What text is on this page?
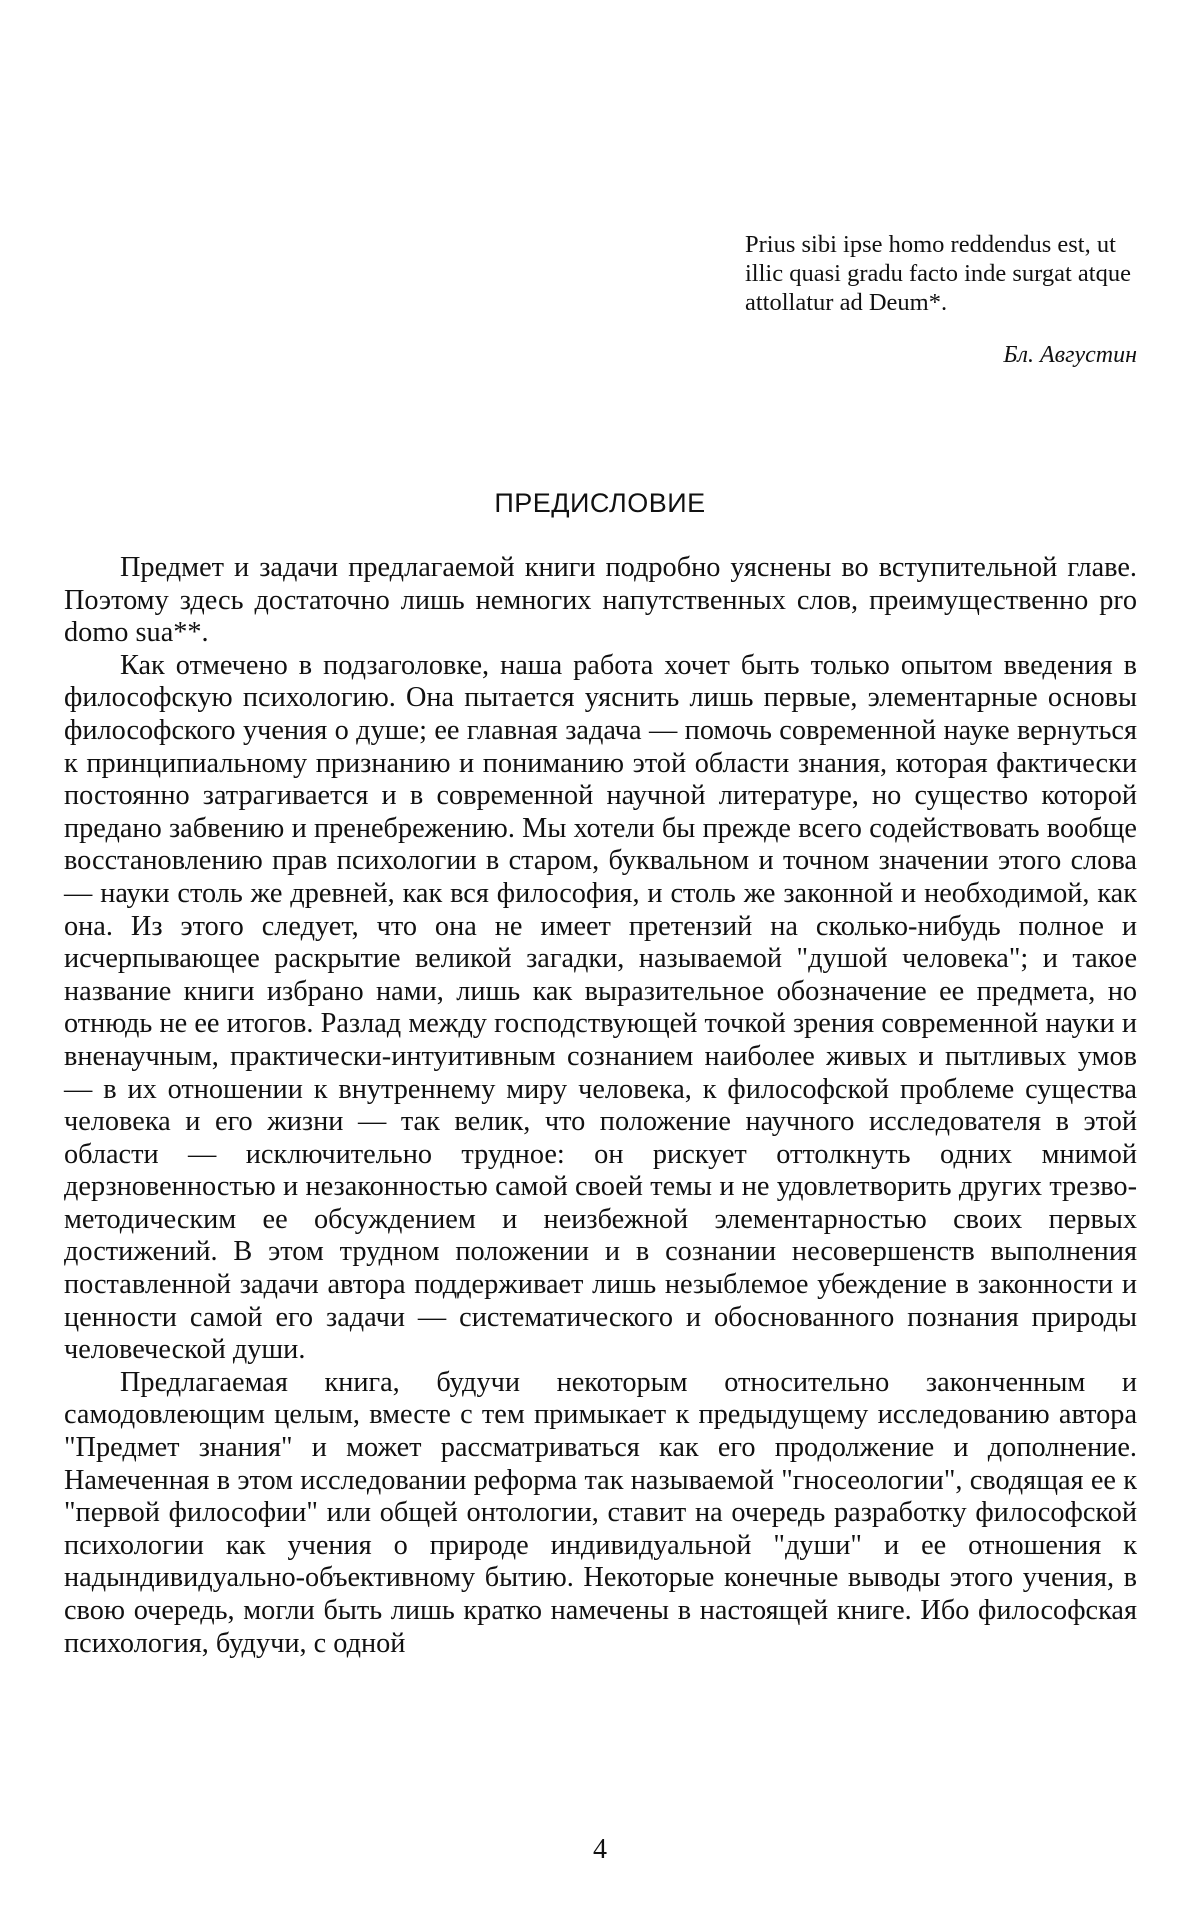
Prius sibi ipse homo reddendus est, ut illic quasi gradu facto inde surgat atque attollatur ad Deum*.
Бл. Августин
ПРЕДИСЛОВИЕ

Предмет и задачи предлагаемой книги подробно уяснены во вступительной главе. Поэтому здесь достаточно лишь немногих напутственных слов, преимущественно pro domo sua**.

Как отмечено в подзаголовке, наша работа хочет быть только опытом введения в философскую психологию. Она пытается уяснить лишь первые, элементарные основы философского учения о душе; ее главная задача — помочь современной науке вернуться к принципиальному признанию и пониманию этой области знания, которая фактически постоянно затрагивается и в современной научной литературе, но существо которой предано забвению и пренебрежению. Мы хотели бы прежде всего содействовать вообще восстановлению прав психологии в старом, буквальном и точном значении этого слова — науки столь же древней, как вся философия, и столь же законной и необходимой, как она. Из этого следует, что она не имеет претензий на сколько-нибудь полное и исчерпывающее раскрытие великой загадки, называемой "душой человека"; и такое название книги избрано нами, лишь как выразительное обозначение ее предмета, но отнюдь не ее итогов. Разлад между господствующей точкой зрения современной науки и вненаучным, практически-интуитивным сознанием наиболее живых и пытливых умов — в их отношении к внутреннему миру человека, к философской проблеме существа человека и его жизни — так велик, что положение научного исследователя в этой области — исключительно трудное: он рискует оттолкнуть одних мнимой дерзновенностью и незаконностью самой своей темы и не удовлетворить других трезво-методическим ее обсуждением и неизбежной элементарностью своих первых достижений. В этом трудном положении и в сознании несовершенств выполнения поставленной задачи автора поддерживает лишь незыблемое убеждение в законности и ценности самой его задачи — систематического и обоснованного познания природы человеческой души.

Предлагаемая книга, будучи некоторым относительно законченным и самодовлеющим целым, вместе с тем примыкает к предыдущему исследованию автора "Предмет знания" и может рассматриваться как его продолжение и дополнение. Намеченная в этом исследовании реформа так называемой "гносеологии", сводящая ее к "первой философии" или общей онтологии, ставит на очередь разработку философской психологии как учения о природе индивидуальной "души" и ее отношения к надындивидуально-объективному бытию. Некоторые конечные выводы этого учения, в свою очередь, могли быть лишь кратко намечены в настоящей книге. Ибо философская психология, будучи, с одной

4
